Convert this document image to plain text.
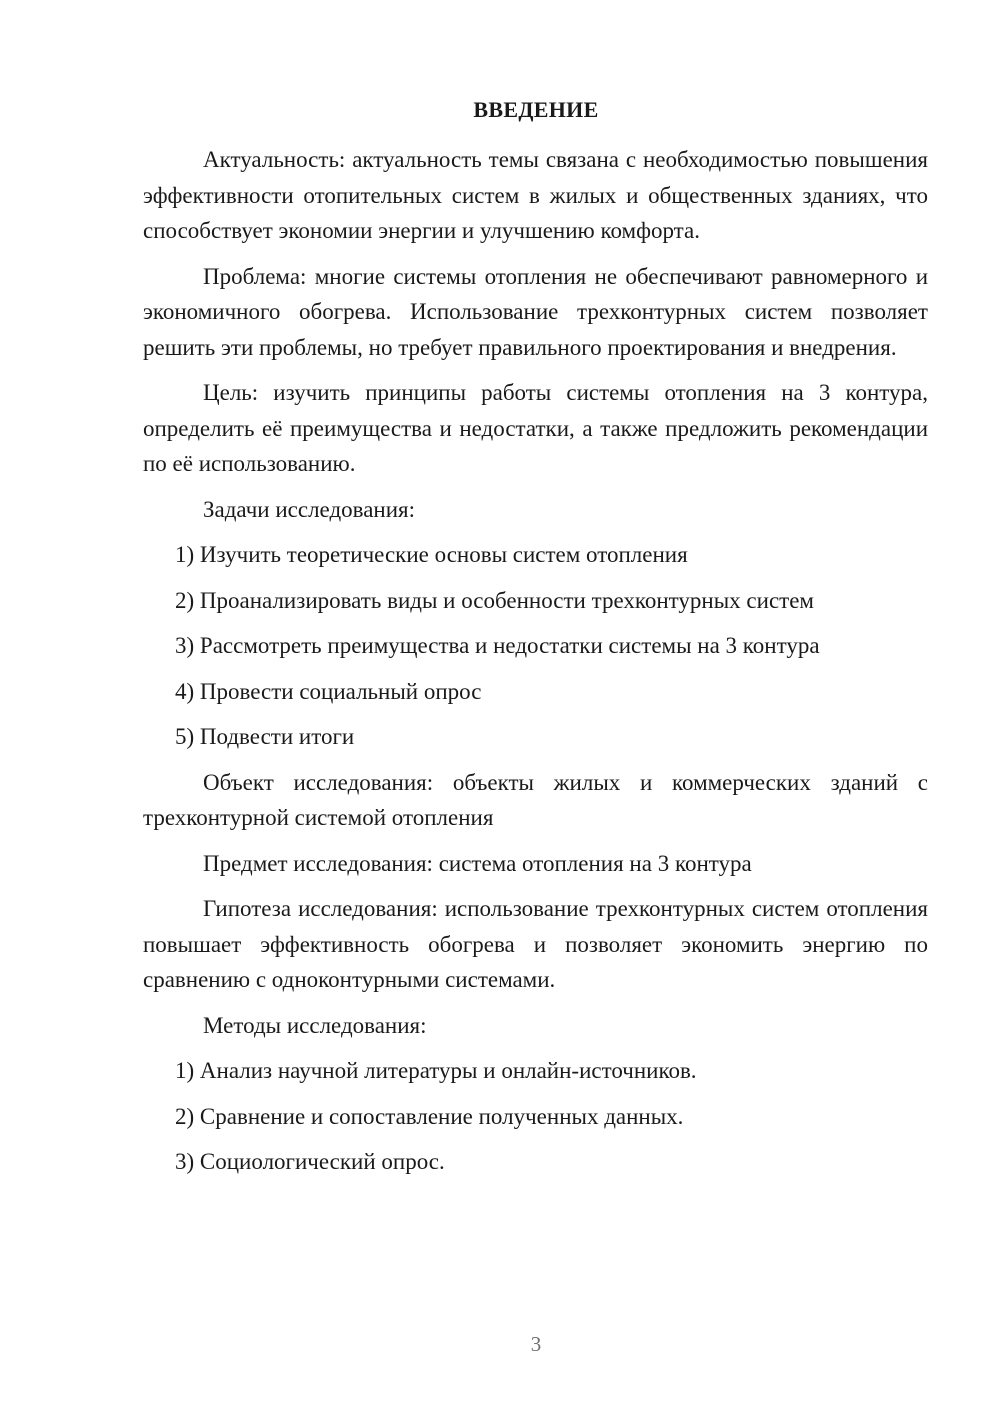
ВВЕДЕНИЕ

Актуальность: актуальность темы связана с необходимостью повышения эффективности отопительных систем в жилых и общественных зданиях, что способствует экономии энергии и улучшению комфорта.

Проблема: многие системы отопления не обеспечивают равномерного и экономичного обогрева. Использование трехконтурных систем позволяет решить эти проблемы, но требует правильного проектирования и внедрения.

Цель: изучить принципы работы системы отопления на 3 контура, определить её преимущества и недостатки, а также предложить рекомендации по её использованию.

Задачи исследования:

1) Изучить теоретические основы систем отопления

2) Проанализировать виды и особенности трехконтурных систем

3) Рассмотреть преимущества и недостатки системы на 3 контура

4) Провести социальный опрос

5) Подвести итоги

Объект исследования: объекты жилых и коммерческих зданий с трехконтурной системой отопления

Предмет исследования: система отопления на 3 контура

Гипотеза исследования: использование трехконтурных систем отопления повышает эффективность обогрева и позволяет экономить энергию по сравнению с одноконтурными системами.

Методы исследования:

1) Анализ научной литературы и онлайн-источников.

2) Сравнение и сопоставление полученных данных.

3) Социологический опрос.

3
